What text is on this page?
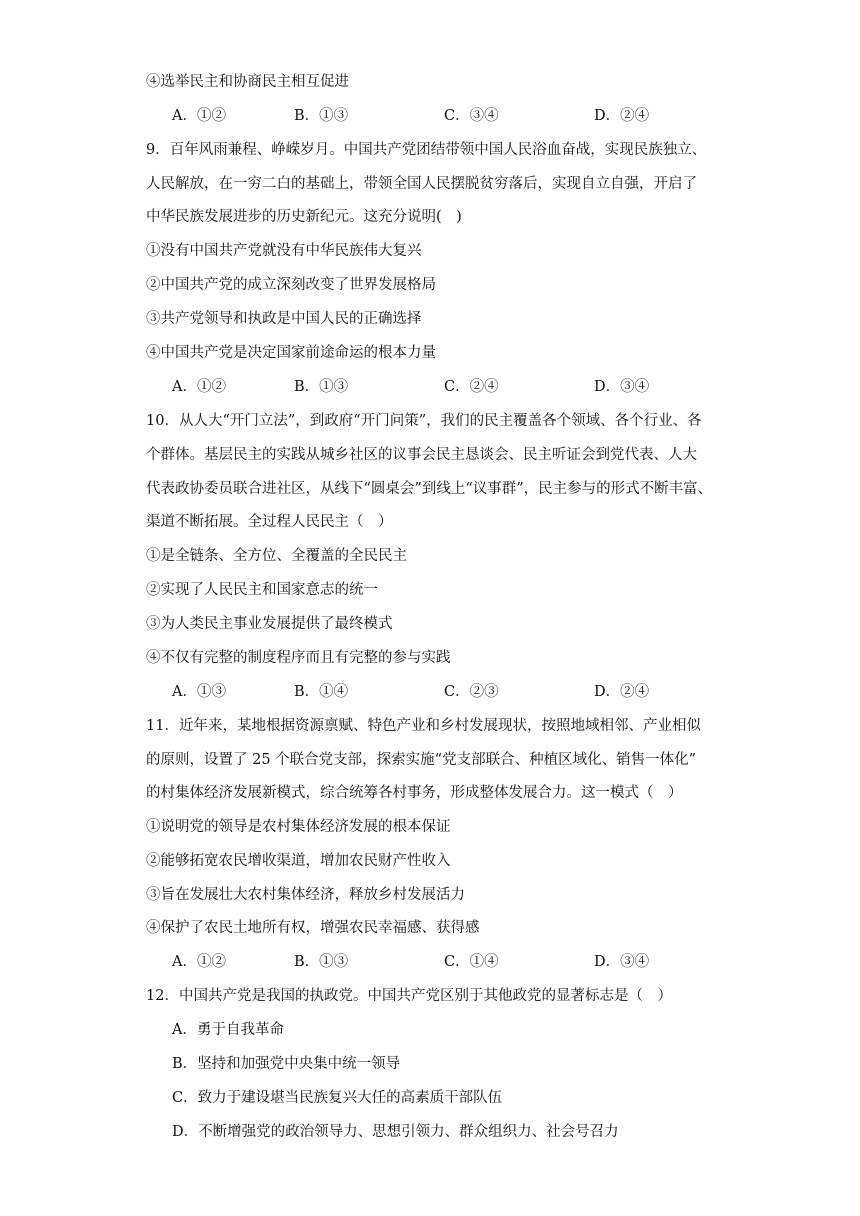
④选举民主和协商民主相互促进
A．①②	B．①③	C．③④	D．②④
9．百年风雨兼程、峥嵘岁月。中国共产党团结带领中国人民浴血奋战，实现民族独立、
人民解放，在一穷二白的基础上，带领全国人民摆脱贫穷落后，实现自立自强，开启了
中华民族发展进步的历史新纪元。这充分说明(　)
①没有中国共产党就没有中华民族伟大复兴
②中国共产党的成立深刻改变了世界发展格局
③共产党领导和执政是中国人民的正确选择
④中国共产党是决定国家前途命运的根本力量
A．①②	B．①③	C．②④	D．③④
10．从人大“开门立法”，到政府“开门问策”，我们的民主覆盖各个领域、各个行业、各
个群体。基层民主的实践从城乡社区的议事会民主恳谈会、民主听证会到党代表、人大
代表政协委员联合进社区，从线下“圆桌会”到线上“议事群”，民主参与的形式不断丰富、
渠道不断拓展。全过程人民民主（　）
①是全链条、全方位、全覆盖的全民民主
②实现了人民民主和国家意志的统一
③为人类民主事业发展提供了最终模式
④不仅有完整的制度程序而且有完整的参与实践
A．①③	B．①④	C．②③	D．②④
11．近年来，某地根据资源禀赋、特色产业和乡村发展现状，按照地域相邻、产业相似
的原则，设置了 25 个联合党支部，探索实施“党支部联合、种植区域化、销售一体化”
的村集体经济发展新模式，综合统筹各村事务，形成整体发展合力。这一模式（　）
①说明党的领导是农村集体经济发展的根本保证
②能够拓宽农民增收渠道，增加农民财产性收入
③旨在发展壮大农村集体经济，释放乡村发展活力
④保护了农民土地所有权，增强农民幸福感、获得感
A．①②	B．①③	C．①④	D．③④
12．中国共产党是我国的执政党。中国共产党区别于其他政党的显著标志是（　）
A．勇于自我革命
B．坚持和加强党中央集中统一领导
C．致力于建设堪当民族复兴大任的高素质干部队伍
D．不断增强党的政治领导力、思想引领力、群众组织力、社会号召力
